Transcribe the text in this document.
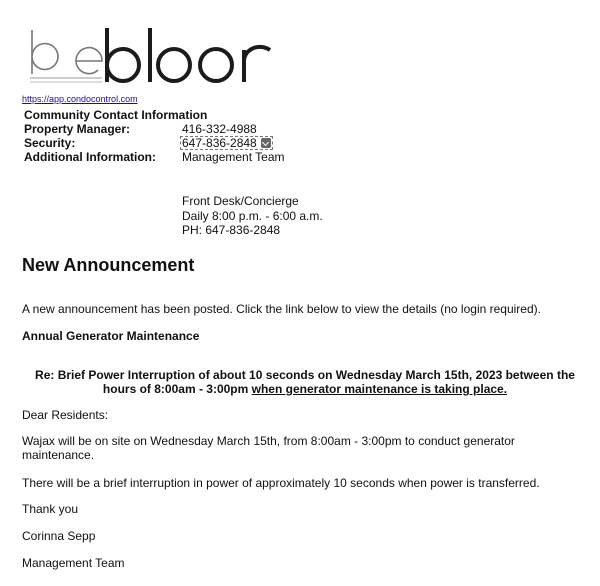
https://app.condocontrol.com
Community Contact Information
Property Manager:	416-332-4988
Security:	647-836-2848
Additional Information:	Management Team
Front Desk/Concierge
Daily 8:00 p.m. - 6:00 a.m.
PH: 647-836-2848
New Announcement
A new announcement has been posted. Click the link below to view the details (no login required).
Annual Generator Maintenance
Re: Brief Power Interruption of about 10 seconds on Wednesday March 15th, 2023 between the
hours of 8:00am - 3:00pm when generator maintenance is taking place.
Dear Residents:
Wajax will be on site on Wednesday March 15th, from 8:00am - 3:00pm to conduct generator maintenance.
There will be a brief interruption in power of approximately 10 seconds when power is transferred.
Thank you
Corinna Sepp
Management Team
